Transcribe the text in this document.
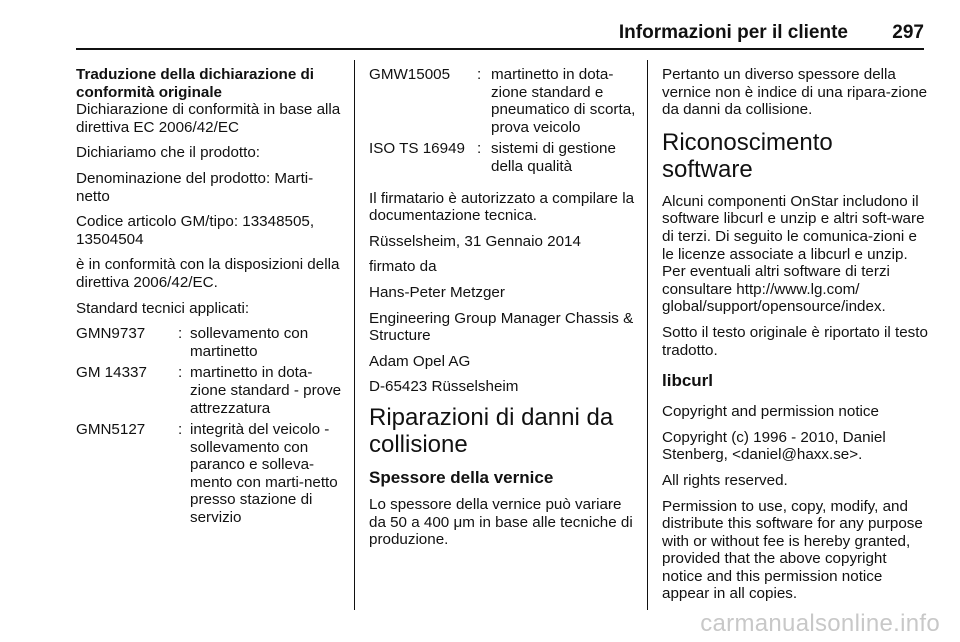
Informazioni per il cliente 297

Traduzione della dichiarazione di conformità originale

Dichiarazione di conformità in base alla direttiva EC 2006/42/EC

Dichiariamo che il prodotto:

Denominazione del prodotto: Marti-netto

Codice articolo GM/tipo: 13348505, 13504504

è in conformità con la disposizioni della direttiva 2006/42/EC.

Standard tecnici applicati:

GMN9737	: sollevamento con martinetto
GM 14337	: martinetto in dota-zione standard - prove attrezzatura
GMN5127	: integrità del veicolo - sollevamento con paranco e solleva-mento con marti-netto presso stazione di servizio
GMW15005	: martinetto in dota-zione standard e pneumatico di scorta, prova veicolo
ISO TS 16949 : sistemi di gestione della qualità

Il firmatario è autorizzato a compilare la documentazione tecnica.

Rüsselsheim, 31 Gennaio 2014

firmato da

Hans-Peter Metzger

Engineering Group Manager Chassis & Structure

Adam Opel AG

D-65423 Rüsselsheim

Riparazioni di danni da collisione
Spessore della vernice

Lo spessore della vernice può variare da 50 a 400 μm in base alle tecniche di produzione.

Pertanto un diverso spessore della vernice non è indice di una ripara-zione da danni da collisione.

Riconoscimento software

Alcuni componenti OnStar includono il software libcurl e unzip e altri soft-ware di terzi. Di seguito le comunica-zioni e le licenze associate a libcurl e unzip. Per eventuali altri software di terzi consultare http://www.lg.com/ global/support/opensource/index.

Sotto il testo originale è riportato il testo tradotto.

libcurl

Copyright and permission notice

Copyright (c) 1996 - 2010, Daniel Stenberg, <daniel@haxx.se>.

All rights reserved.

Permission to use, copy, modify, and distribute this software for any purpose with or without fee is hereby granted, provided that the above copyright notice and this permission notice appear in all copies.

carmanualsonline.info
